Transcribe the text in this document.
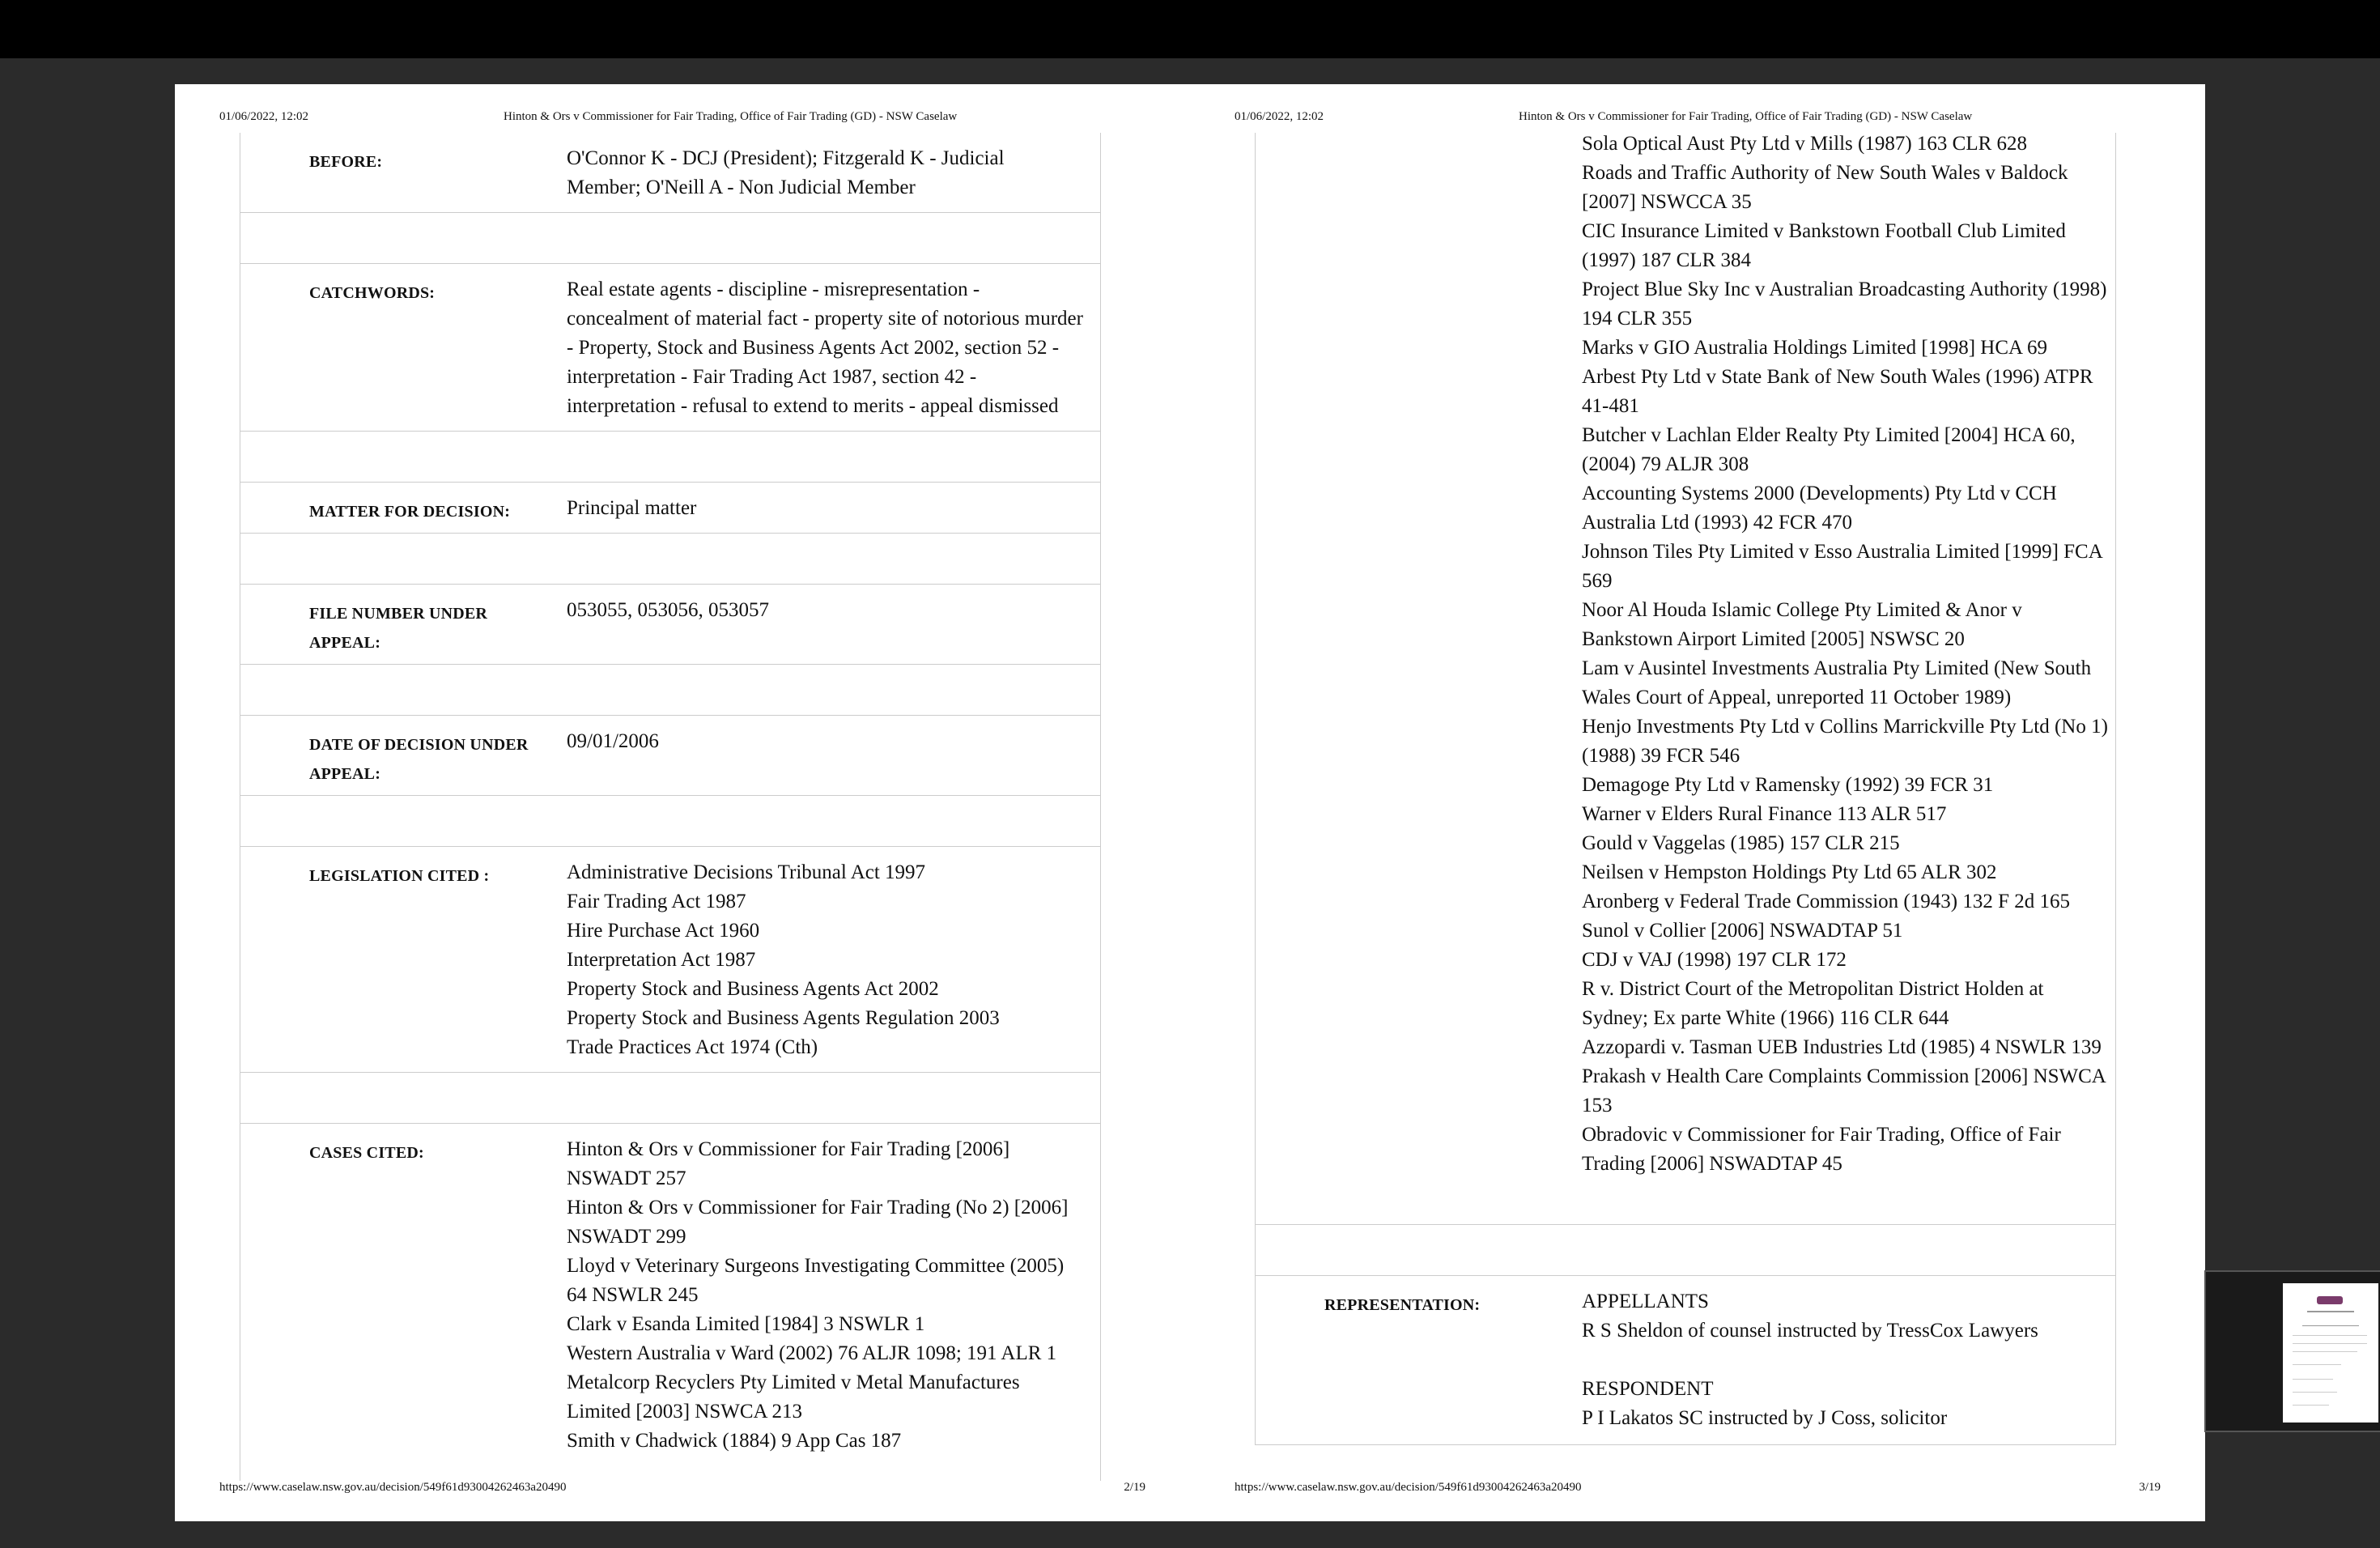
01/06/2022, 12:02	Hinton & Ors v Commissioner for Fair Trading, Office of Fair Trading (GD) - NSW Caselaw
BEFORE:	O'Connor K - DCJ (President); Fitzgerald K - Judicial Member; O'Neill A - Non Judicial Member
CATCHWORDS:	Real estate agents - discipline - misrepresentation - concealment of material fact - property site of notorious murder - Property, Stock and Business Agents Act 2002, section 52 - interpretation - Fair Trading Act 1987, section 42 - interpretation - refusal to extend to merits - appeal dismissed
MATTER FOR DECISION:	Principal matter
FILE NUMBER UNDER APPEAL:
053055, 053056, 053057
DATE OF DECISION UNDER APPEAL:
09/01/2006
LEGISLATION CITED :	Administrative Decisions Tribunal Act 1997
Fair Trading Act 1987
Hire Purchase Act 1960
Interpretation Act 1987
Property Stock and Business Agents Act 2002
Property Stock and Business Agents Regulation 2003
Trade Practices Act 1974 (Cth)
CASES CITED:	Hinton & Ors v Commissioner for Fair Trading [2006] NSWADT 257
Hinton & Ors v Commissioner for Fair Trading (No 2) [2006] NSWADT 299
Lloyd v Veterinary Surgeons Investigating Committee (2005) 64 NSWLR 245
Clark v Esanda Limited [1984] 3 NSWLR 1
Western Australia v Ward (2002) 76 ALJR 1098; 191 ALR 1
Metalcorp Recyclers Pty Limited v Metal Manufactures Limited [2003] NSWCA 213
Smith v Chadwick (1884) 9 App Cas 187
https://www.caselaw.nsw.gov.au/decision/549f61d93004262463a20490	2/19
01/06/2022, 12:02	Hinton & Ors v Commissioner for Fair Trading, Office of Fair Trading (GD) - NSW Caselaw
Sola Optical Aust Pty Ltd v Mills (1987) 163 CLR 628
Roads and Traffic Authority of New South Wales v Baldock [2007] NSWCCA 35
CIC Insurance Limited v Bankstown Football Club Limited (1997) 187 CLR 384
Project Blue Sky Inc v Australian Broadcasting Authority (1998) 194 CLR 355
Marks v GIO Australia Holdings Limited [1998] HCA 69
Arbest Pty Ltd v State Bank of New South Wales (1996) ATPR 41-481
Butcher v Lachlan Elder Realty Pty Limited [2004] HCA 60, (2004) 79 ALJR 308
Accounting Systems 2000 (Developments) Pty Ltd v CCH Australia Ltd (1993) 42 FCR 470
Johnson Tiles Pty Limited v Esso Australia Limited [1999] FCA 569
Noor Al Houda Islamic College Pty Limited & Anor v Bankstown Airport Limited [2005] NSWSC 20
Lam v Ausintel Investments Australia Pty Limited (New South Wales Court of Appeal, unreported 11 October 1989)
Henjo Investments Pty Ltd v Collins Marrickville Pty Ltd (No 1) (1988) 39 FCR 546
Demagoge Pty Ltd v Ramensky (1992) 39 FCR 31
Warner v Elders Rural Finance 113 ALR 517
Gould v Vaggelas (1985) 157 CLR 215
Neilsen v Hempston Holdings Pty Ltd 65 ALR 302
Aronberg v Federal Trade Commission (1943) 132 F 2d 165
Sunol v Collier [2006] NSWADTAP 51
CDJ v VAJ (1998) 197 CLR 172
R v. District Court of the Metropolitan District Holden at Sydney; Ex parte White (1966) 116 CLR 644
Azzopardi v. Tasman UEB Industries Ltd (1985) 4 NSWLR 139
Prakash v Health Care Complaints Commission [2006] NSWCA 153
Obradovic v Commissioner for Fair Trading, Office of Fair Trading [2006] NSWADTAP 45
REPRESENTATION:	APPELLANTS
R S Sheldon of counsel instructed by TressCox Lawyers
RESPONDENT
P I Lakatos SC instructed by J Coss, solicitor
https://www.caselaw.nsw.gov.au/decision/549f61d93004262463a20490	3/19
